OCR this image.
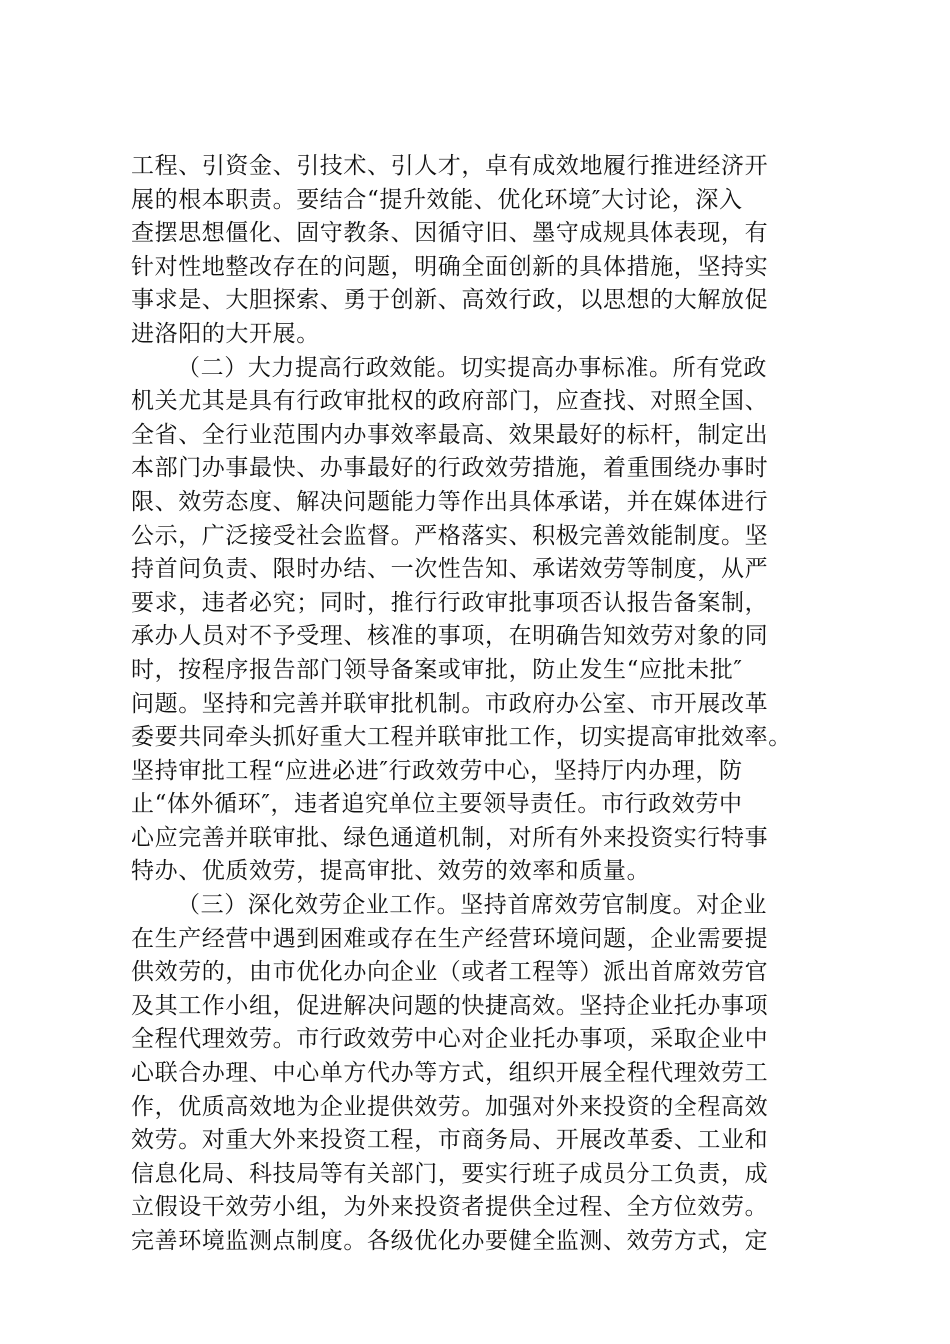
工程、引资金、引技术、引人才，卓有成效地履行推进经济开
展的根本职责。要结合“提升效能、优化环境″大讨论，深入
查摆思想僵化、固守教条、因循守旧、墨守成规具体表现，有
针对性地整改存在的问题，明确全面创新的具体措施，坚持实
事求是、大胆探索、勇于创新、高效行政，以思想的大解放促
进洛阳的大开展。
（二）大力提高行政效能。切实提高办事标准。所有党政
机关尤其是具有行政审批权的政府部门，应查找、对照全国、
全省、全行业范围内办事效率最高、效果最好的标杆，制定出
本部门办事最快、办事最好的行政效劳措施，着重围绕办事时
限、效劳态度、解决问题能力等作出具体承诺，并在媒体进行
公示，广泛接受社会监督。严格落实、积极完善效能制度。坚
持首问负责、限时办结、一次性告知、承诺效劳等制度，从严
要求，违者必究；同时，推行行政审批事项否认报告备案制，
承办人员对不予受理、核准的事项，在明确告知效劳对象的同
时，按程序报告部门领导备案或审批，防止发生“应批未批″
问题。坚持和完善并联审批机制。市政府办公室、市开展改革
委要共同牵头抓好重大工程并联审批工作，切实提高审批效率。
坚持审批工程“应进必进″行政效劳中心，坚持厅内办理，防
止“体外循环″，违者追究单位主要领导责任。市行政效劳中
心应完善并联审批、绿色通道机制，对所有外来投资实行特事
特办、优质效劳，提高审批、效劳的效率和质量。
（三）深化效劳企业工作。坚持首席效劳官制度。对企业
在生产经营中遇到困难或存在生产经营环境问题，企业需要提
供效劳的，由市优化办向企业（或者工程等）派出首席效劳官
及其工作小组，促进解决问题的快捷高效。坚持企业托办事项
全程代理效劳。市行政效劳中心对企业托办事项，采取企业中
心联合办理、中心单方代办等方式，组织开展全程代理效劳工
作，优质高效地为企业提供效劳。加强对外来投资的全程高效
效劳。对重大外来投资工程，市商务局、开展改革委、工业和
信息化局、科技局等有关部门，要实行班子成员分工负责，成
立假设干效劳小组，为外来投资者提供全过程、全方位效劳。
完善环境监测点制度。各级优化办要健全监测、效劳方式，定
